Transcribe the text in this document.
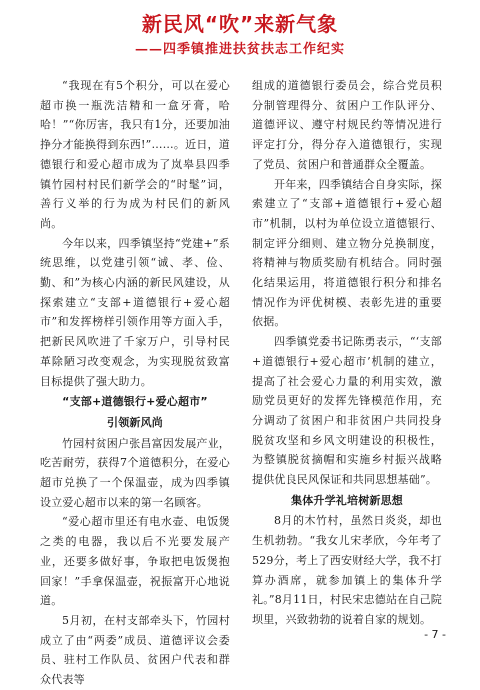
新民风“吹”来新气象
——四季镇推进扶贫扶志工作纪实

“我现在有5个积分，可以在爱心超市换一瓶洗洁精和一盒牙膏，哈哈！”“你厉害，我只有1分，还要加油挣分才能换得到东西!”……。近日，道德银行和爱心超市成为了岚皋县四季镇竹园村村民们新学会的“时髦”词，善行义举的行为成为村民们的新风尚。

今年以来，四季镇坚持“党建+”系统思维，以党建引领“诚、孝、俭、勤、和”为核心内涵的新民风建设，从探索建立“支部+道德银行+爱心超市”和发挥榜样引领作用等方面入手，把新民风吹进了千家万户，引导村民革除陋习改变观念，为实现脱贫致富目标提供了强大助力。

“支部+道德银行+爱心超市”
引领新风尚

竹园村贫困户张昌富因发展产业，吃苦耐劳，获得7个道德积分，在爱心超市兑换了一个保温壶，成为四季镇设立爱心超市以来的第一名顾客。

“爱心超市里还有电水壶、电饭煲之类的电器，我以后不光要发展产业，还要多做好事，争取把电饭煲抱回家！”手拿保温壶，祝振富开心地说道。

5月初，在村支部牵头下，竹园村成立了由“两委”成员、道德评议会委员、驻村工作队员、贫困户代表和群众代表等

组成的道德银行委员会，综合党员积分制管理得分、贫困户工作队评分、道德评议、遵守村规民约等情况进行评定打分，得分存入道德银行，实现了党员、贫困户和普通群众全覆盖。

开年来，四季镇结合自身实际，探索建立了“支部+道德银行+爱心超市”机制，以村为单位设立道德银行、制定评分细则、建立物分兑换制度，将精神与物质奖励有机结合。同时强化结果运用，将道德银行积分和排名情况作为评优树模、表彰先进的重要依据。

四季镇党委书记陈勇表示，“‘支部+道德银行+爱心超市’机制的建立，提高了社会爱心力量的利用实效，激励党员更好的发挥先锋模范作用，充分调动了贫困户和非贫困户共同投身脱贫攻坚和乡风文明建设的积极性，为整镇脱贫摘帽和实施乡村振兴战略提供优良民风保证和共同思想基础”。

集体升学礼培树新思想

8月的木竹村，虽然日炎炎，却也生机勃勃。“我女儿宋孝欣，今年考了529分，考上了西安财经大学，我不打算办酒席，就参加镇上的集体升学礼。”8月11日，村民宋忠德站在自己院坝里，兴致勃勃的说着自家的规划。

- 7 -
